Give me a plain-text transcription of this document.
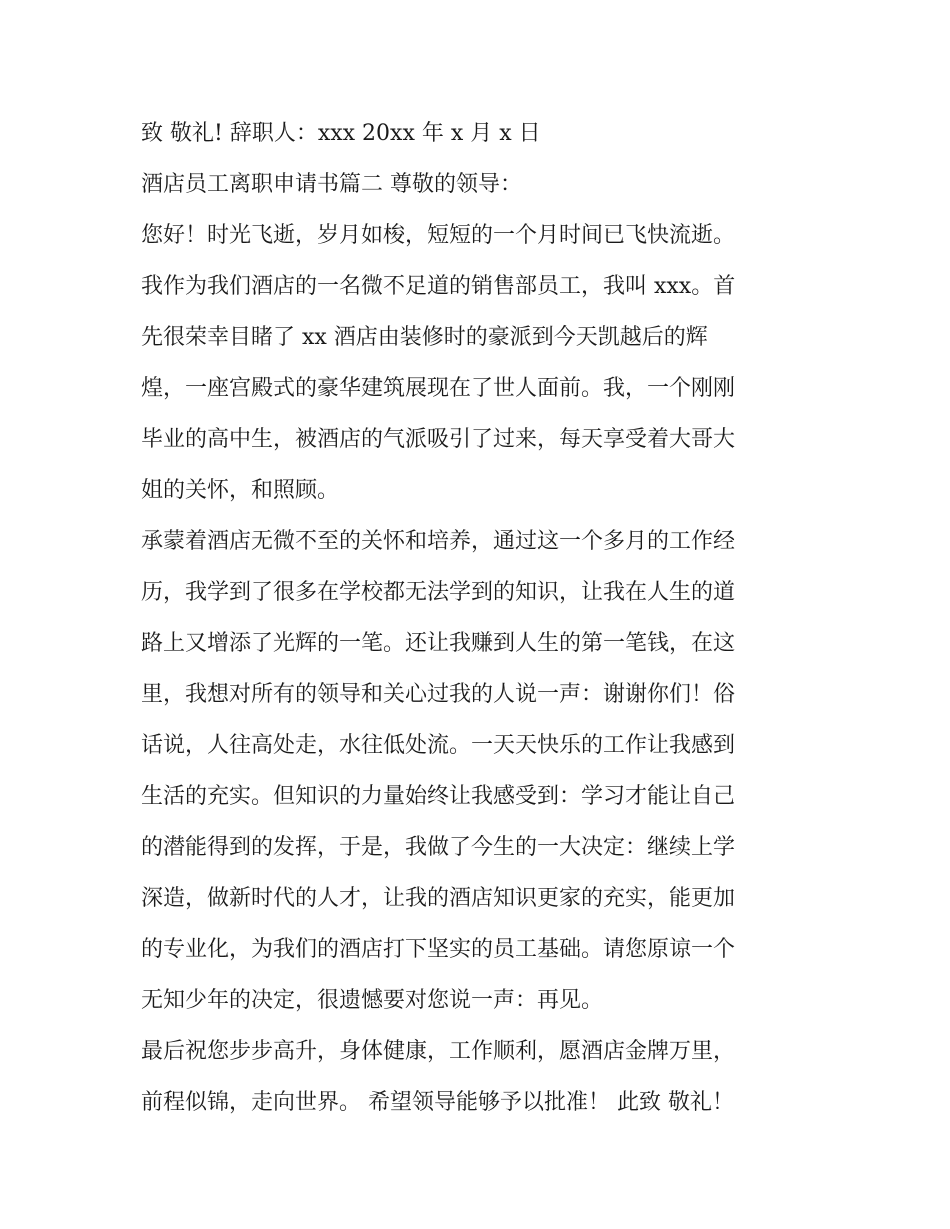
致 敬礼! 辞职人：xxx 20xx 年 x 月 x 日
酒店员工离职申请书篇二 尊敬的领导：
您好！时光飞逝，岁月如梭，短短的一个月时间已飞快流逝。
我作为我们酒店的一名微不足道的销售部员工，我叫 xxx。首
先很荣幸目睹了 xx 酒店由装修时的豪派到今天凯越后的辉
煌，一座宫殿式的豪华建筑展现在了世人面前。我，一个刚刚
毕业的高中生，被酒店的气派吸引了过来，每天享受着大哥大
姐的关怀，和照顾。
承蒙着酒店无微不至的关怀和培养，通过这一个多月的工作经
历，我学到了很多在学校都无法学到的知识，让我在人生的道
路上又增添了光辉的一笔。还让我赚到人生的第一笔钱，在这
里，我想对所有的领导和关心过我的人说一声：谢谢你们！俗
话说，人往高处走，水往低处流。一天天快乐的工作让我感到
生活的充实。但知识的力量始终让我感受到：学习才能让自己
的潜能得到的发挥，于是，我做了今生的一大决定：继续上学
深造，做新时代的人才，让我的酒店知识更家的充实，能更加
的专业化，为我们的酒店打下坚实的员工基础。请您原谅一个
无知少年的决定，很遗憾要对您说一声：再见。
最后祝您步步高升，身体健康，工作顺利，愿酒店金牌万里，
前程似锦，走向世界。 希望领导能够予以批准！ 此致 敬礼！
